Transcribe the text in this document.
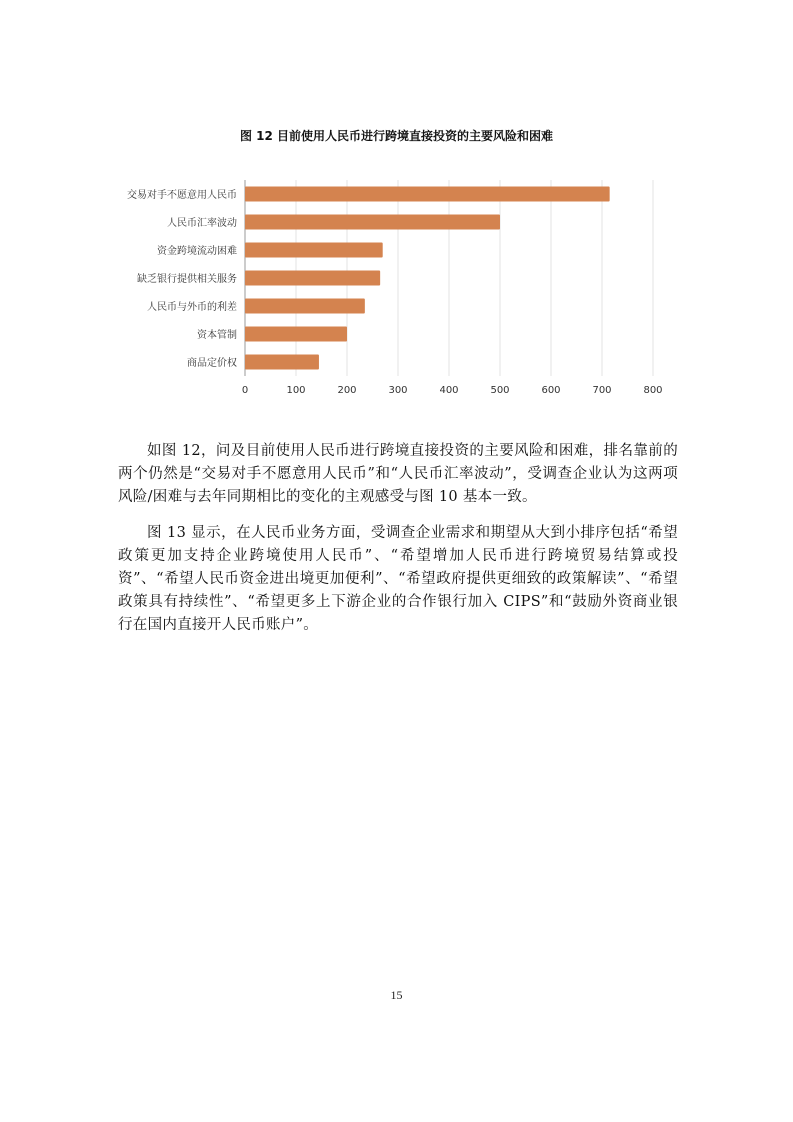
图 12 目前使用人民币进行跨境直接投资的主要风险和困难
0	100	200	300	400	500	600	700	800
交易对手不愿意用人民币
人民币汇率波动
资金跨境流动困难
缺乏银行提供相关服务
人民币与外币的利差
资本管制
商品定价权

如图 12，问及目前使用人民币进行跨境直接投资的主要风险和困难，排名靠前的两个仍然是“交易对手不愿意用人民币”和“人民币汇率波动”，受调查企业认为这两项风险/困难与去年同期相比的变化的主观感受与图 10 基本一致。

图 13 显示，在人民币业务方面，受调查企业需求和期望从大到小排序包括“希望政策更加支持企业跨境使用人民币”、“希望增加人民币进行跨境贸易结算或投资”、“希望人民币资金进出境更加便利”、“希望政府提供更细致的政策解读”、“希望政策具有持续性”、“希望更多上下游企业的合作银行加入 CIPS”和“鼓励外资商业银行在国内直接开人民币账户”。

15
